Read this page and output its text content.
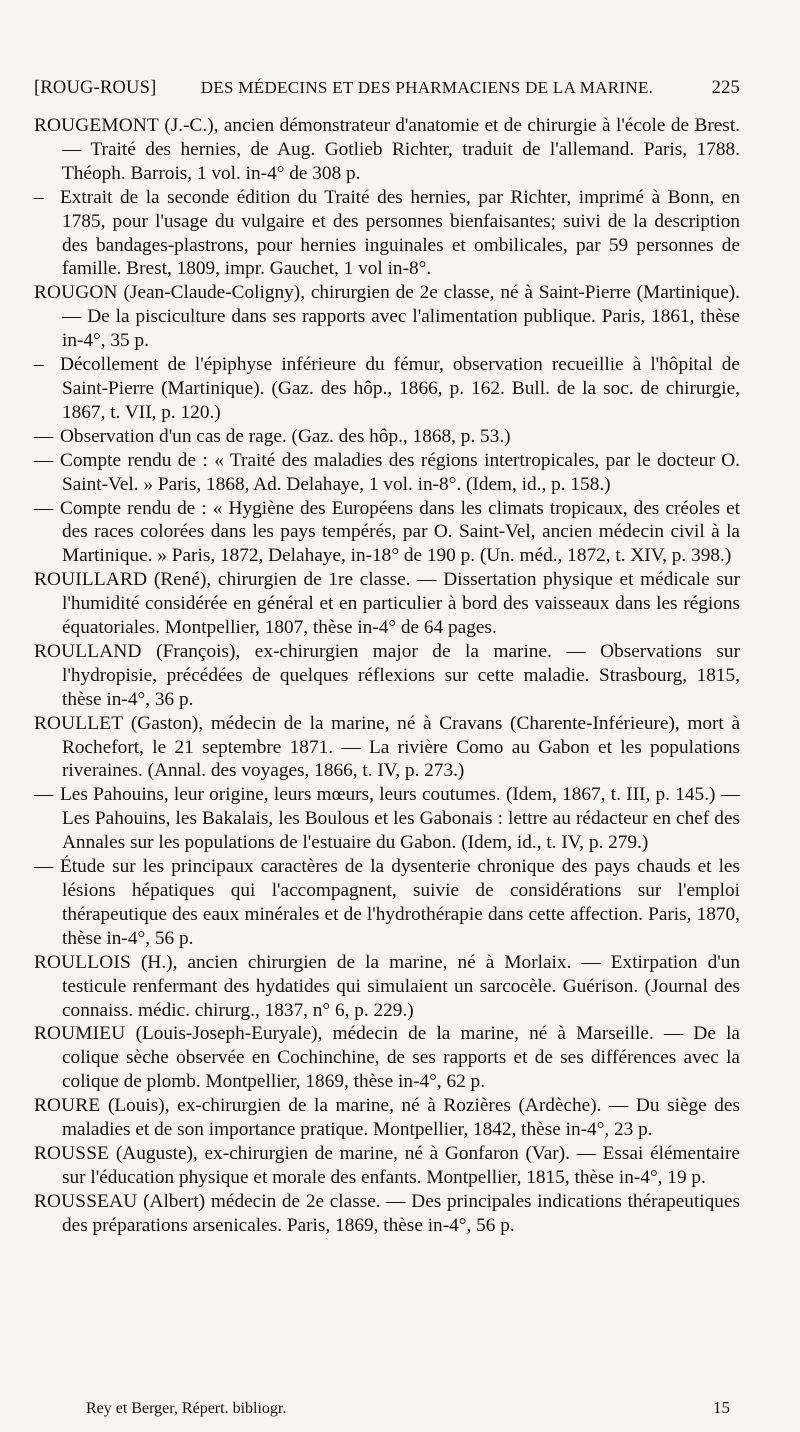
[ROUG-ROUS]	DES MÉDECINS ET DES PHARMACIENS DE LA MARINE.	225

ROUGEMONT (J.-C.), ancien démonstrateur d'anatomie et de chirurgie à l'école de Brest. — Traité des hernies, de Aug. Gotlieb Richter, traduit de l'allemand. Paris, 1788. Théoph. Barrois, 1 vol. in-4° de 308 p.

– Extrait de la seconde édition du Traité des hernies, par Richter, imprimé à Bonn, en 1785, pour l'usage du vulgaire et des personnes bienfaisantes; suivi de la description des bandages-plastrons, pour hernies inguinales et ombilicales, par 59 personnes de famille. Brest, 1809, impr. Gauchet, 1 vol in-8°.

ROUGON (Jean-Claude-Coligny), chirurgien de 2e classe, né à Saint-Pierre (Martinique). — De la pisciculture dans ses rapports avec l'alimentation publique. Paris, 1861, thèse in-4°, 35 p.

– Décollement de l'épiphyse inférieure du fémur, observation recueillie à l'hôpital de Saint-Pierre (Martinique). (Gaz. des hôp., 1866, p. 162. Bull. de la soc. de chirurgie, 1867, t. VII, p. 120.)

— Observation d'un cas de rage. (Gaz. des hôp., 1868, p. 53.)

— Compte rendu de : « Traité des maladies des régions intertropicales, par le docteur O. Saint-Vel. » Paris, 1868, Ad. Delahaye, 1 vol. in-8°. (Idem, id., p. 158.)

— Compte rendu de : « Hygiène des Européens dans les climats tropicaux, des créoles et des races colorées dans les pays tempérés, par O. Saint-Vel, ancien médecin civil à la Martinique. » Paris, 1872, Delahaye, in-18° de 190 p. (Un. méd., 1872, t. XIV, p. 398.)

ROUILLARD (René), chirurgien de 1re classe. — Dissertation physique et médicale sur l'humidité considérée en général et en particulier à bord des vaisseaux dans les régions équatoriales. Montpellier, 1807, thèse in-4° de 64 pages.

ROULLAND (François), ex-chirurgien major de la marine. — Observations sur l'hydropisie, précédées de quelques réflexions sur cette maladie. Strasbourg, 1815, thèse in-4°, 36 p.

ROULLET (Gaston), médecin de la marine, né à Cravans (Charente-Inférieure), mort à Rochefort, le 21 septembre 1871. — La rivière Como au Gabon et les populations riveraines. (Annal. des voyages, 1866, t. IV, p. 273.)

— Les Pahouins, leur origine, leurs mœurs, leurs coutumes. (Idem, 1867, t. III, p. 145.) — Les Pahouins, les Bakalais, les Boulous et les Gabonais : lettre au rédacteur en chef des Annales sur les populations de l'estuaire du Gabon. (Idem, id., t. IV, p. 279.)

— Étude sur les principaux caractères de la dysenterie chronique des pays chauds et les lésions hépatiques qui l'accompagnent, suivie de considérations sur l'emploi thérapeutique des eaux minérales et de l'hydrothérapie dans cette affection. Paris, 1870, thèse in-4°, 56 p.

ROULLOIS (H.), ancien chirurgien de la marine, né à Morlaix. — Extirpation d'un testicule renfermant des hydatides qui simulaient un sarcocèle. Guérison. (Journal des connaiss. médic. chirurg., 1837, n° 6, p. 229.)

ROUMIEU (Louis-Joseph-Euryale), médecin de la marine, né à Marseille. — De la colique sèche observée en Cochinchine, de ses rapports et de ses différences avec la colique de plomb. Montpellier, 1869, thèse in-4°, 62 p.

ROURE (Louis), ex-chirurgien de la marine, né à Rozières (Ardèche). — Du siège des maladies et de son importance pratique. Montpellier, 1842, thèse in-4°, 23 p.

ROUSSE (Auguste), ex-chirurgien de marine, né à Gonfaron (Var). — Essai élémentaire sur l'éducation physique et morale des enfants. Montpellier, 1815, thèse in-4°, 19 p.

ROUSSEAU (Albert) médecin de 2e classe. — Des principales indications thérapeutiques des préparations arsenicales. Paris, 1869, thèse in-4°, 56 p.

Rey et Berger, Répert. bibliogr.	15
